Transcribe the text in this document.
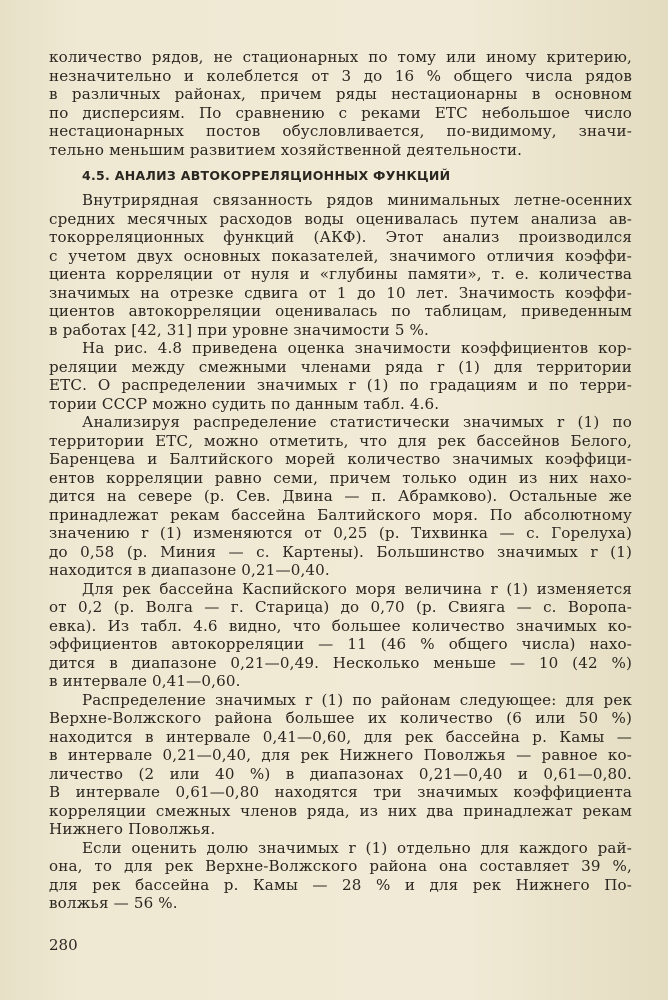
количество рядов, не стационарных по тому или иному критерию,
незначительно и колеблется от 3 до 16 % общего числа рядов
в различных районах, причем ряды нестационарны в основном
по дисперсиям. По сравнению с реками ЕТС небольшое число
нестационарных постов обусловливается, по-видимому, значи-
тельно меньшим развитием хозяйственной деятельности.
4.5. АНАЛИЗ АВТОКОРРЕЛЯЦИОННЫХ ФУНКЦИЙ
Внутрирядная связанность рядов минимальных летне-осенних
средних месячных расходов воды оценивалась путем анализа ав-
токорреляционных функций (АКФ). Этот анализ производился
с учетом двух основных показателей, значимого отличия коэффи-
циента корреляции от нуля и «глубины памяти», т. е. количества
значимых на отрезке сдвига от 1 до 10 лет. Значимость коэффи-
циентов автокорреляции оценивалась по таблицам, приведенным
в работах [42, 31] при уровне значимости 5 %.
На рис. 4.8 приведена оценка значимости коэффициентов кор-
реляции между смежными членами ряда r (1) для территории
ЕТС. О распределении значимых r (1) по градациям и по терри-
тории СССР можно судить по данным табл. 4.6.
Анализируя распределение статистически значимых r (1) по
территории ЕТС, можно отметить, что для рек бассейнов Белого,
Баренцева и Балтийского морей количество значимых коэффици-
ентов корреляции равно семи, причем только один из них нахо-
дится на севере (р. Сев. Двина — п. Абрамково). Остальные же
принадлежат рекам бассейна Балтийского моря. По абсолютному
значению r (1) изменяются от 0,25 (р. Тихвинка — с. Горелуха)
до 0,58 (р. Миния — с. Картены). Большинство значимых r (1)
находится в диапазоне 0,21—0,40.
Для рек бассейна Каспийского моря величина r (1) изменяется
от 0,2 (р. Волга — г. Старица) до 0,70 (р. Свияга — с. Воропа-
евка). Из табл. 4.6 видно, что большее количество значимых ко-
эффициентов автокорреляции — 11 (46 % общего числа) нахо-
дится в диапазоне 0,21—0,49. Несколько меньше — 10 (42 %)
в интервале 0,41—0,60.
Распределение значимых r (1) по районам следующее: для рек
Верхне-Волжского района большее их количество (6 или 50 %)
находится в интервале 0,41—0,60, для рек бассейна р. Камы —
в интервале 0,21—0,40, для рек Нижнего Поволжья — равное ко-
личество (2 или 40 %) в диапазонах 0,21—0,40 и 0,61—0,80.
В интервале 0,61—0,80 находятся три значимых коэффициента
корреляции смежных членов ряда, из них два принадлежат рекам
Нижнего Поволжья.
Если оценить долю значимых r (1) отдельно для каждого рай-
она, то для рек Верхне-Волжского района она составляет 39 %,
для рек бассейна р. Камы — 28 % и для рек Нижнего По-
волжья — 56 %.
280
